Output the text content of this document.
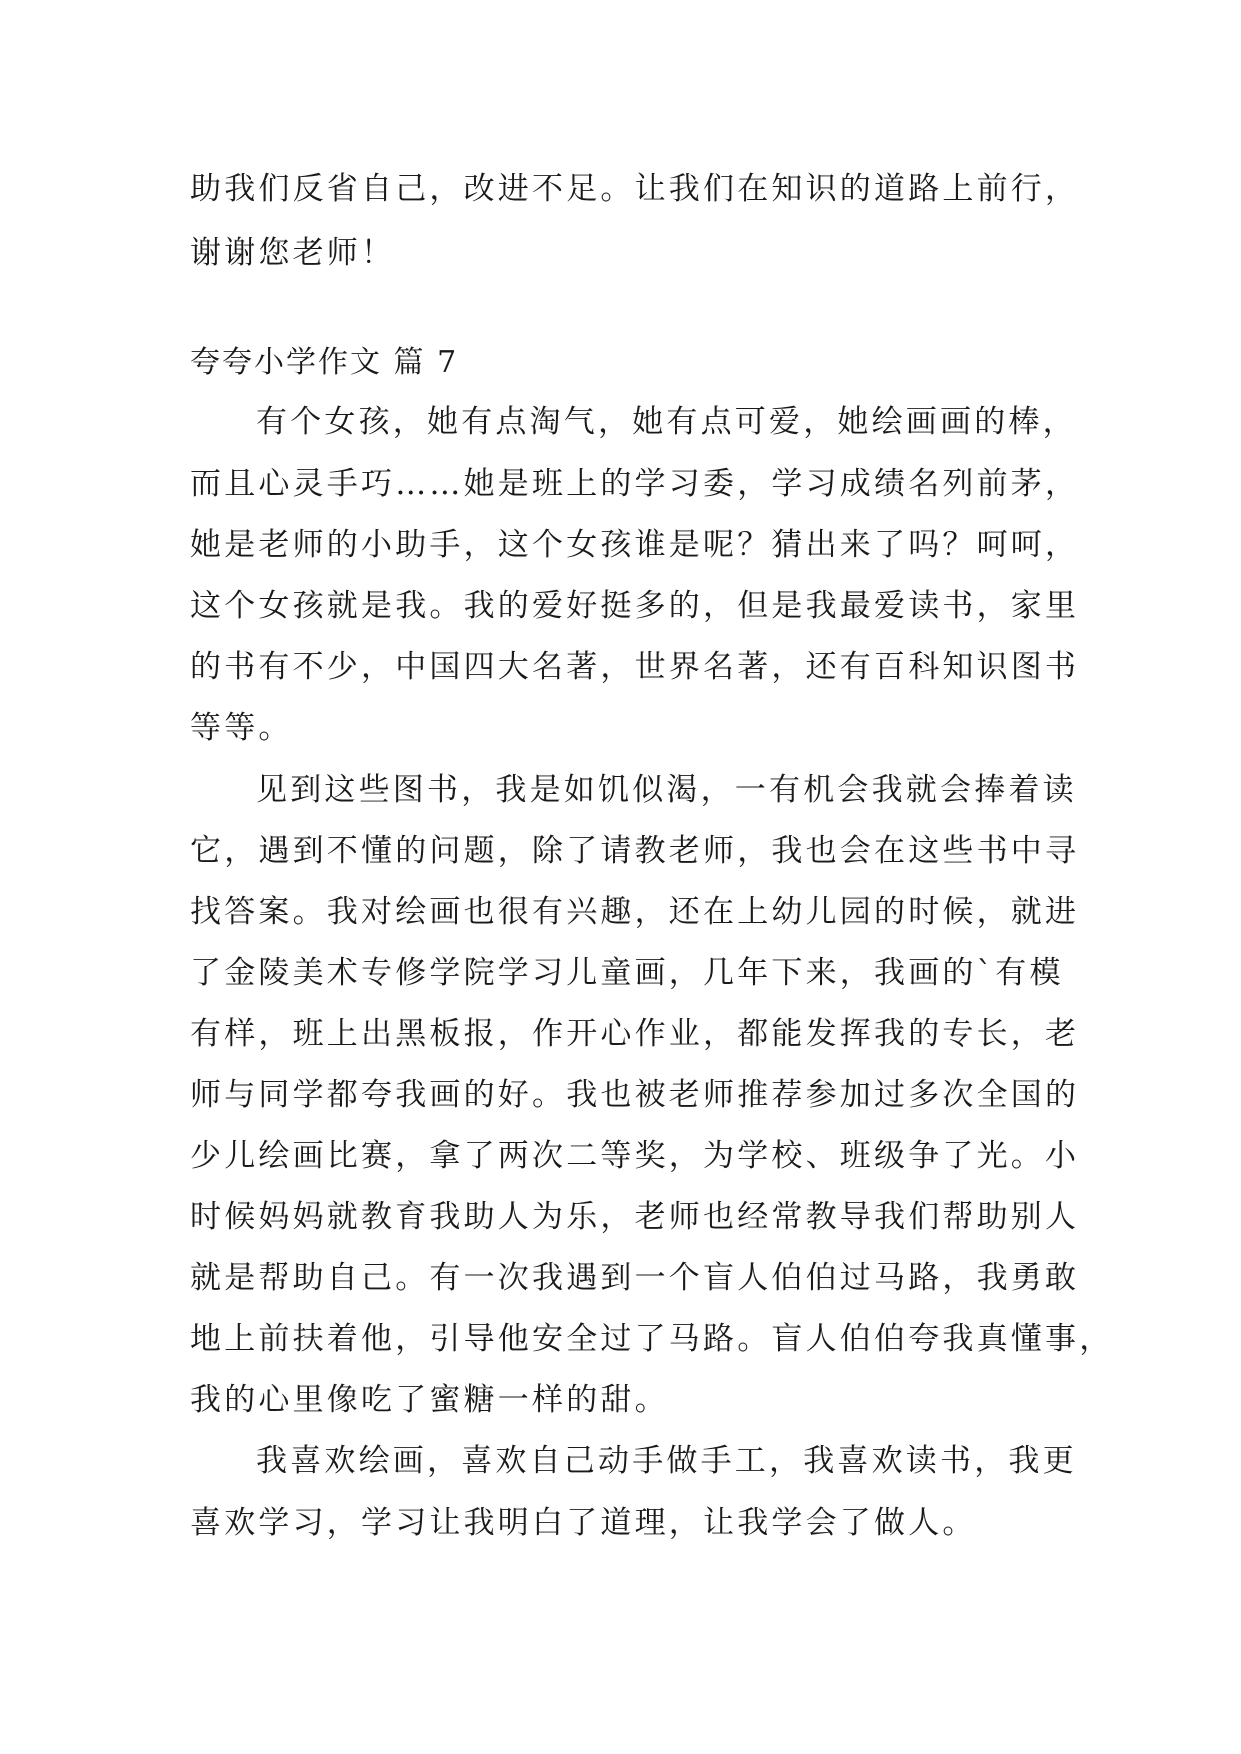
助我们反省自己，改进不足。让我们在知识的道路上前行，
谢谢您老师！
夸夸小学作文 篇 7
有个女孩，她有点淘气，她有点可爱，她绘画画的棒，
而且心灵手巧……她是班上的学习委，学习成绩名列前茅，
她是老师的小助手，这个女孩谁是呢？猜出来了吗？呵呵，
这个女孩就是我。我的爱好挺多的，但是我最爱读书，家里
的书有不少，中国四大名著，世界名著，还有百科知识图书
等等。
见到这些图书，我是如饥似渴，一有机会我就会捧着读
它，遇到不懂的问题，除了请教老师，我也会在这些书中寻
找答案。我对绘画也很有兴趣，还在上幼儿园的时候，就进
了金陵美术专修学院学习儿童画，几年下来，我画的`有模
有样，班上出黑板报，作开心作业，都能发挥我的专长，老
师与同学都夸我画的好。我也被老师推荐参加过多次全国的
少儿绘画比赛，拿了两次二等奖，为学校、班级争了光。小
时候妈妈就教育我助人为乐，老师也经常教导我们帮助别人
就是帮助自己。有一次我遇到一个盲人伯伯过马路，我勇敢
地上前扶着他，引导他安全过了马路。盲人伯伯夸我真懂事，
我的心里像吃了蜜糖一样的甜。
我喜欢绘画，喜欢自己动手做手工，我喜欢读书，我更
喜欢学习，学习让我明白了道理，让我学会了做人。
